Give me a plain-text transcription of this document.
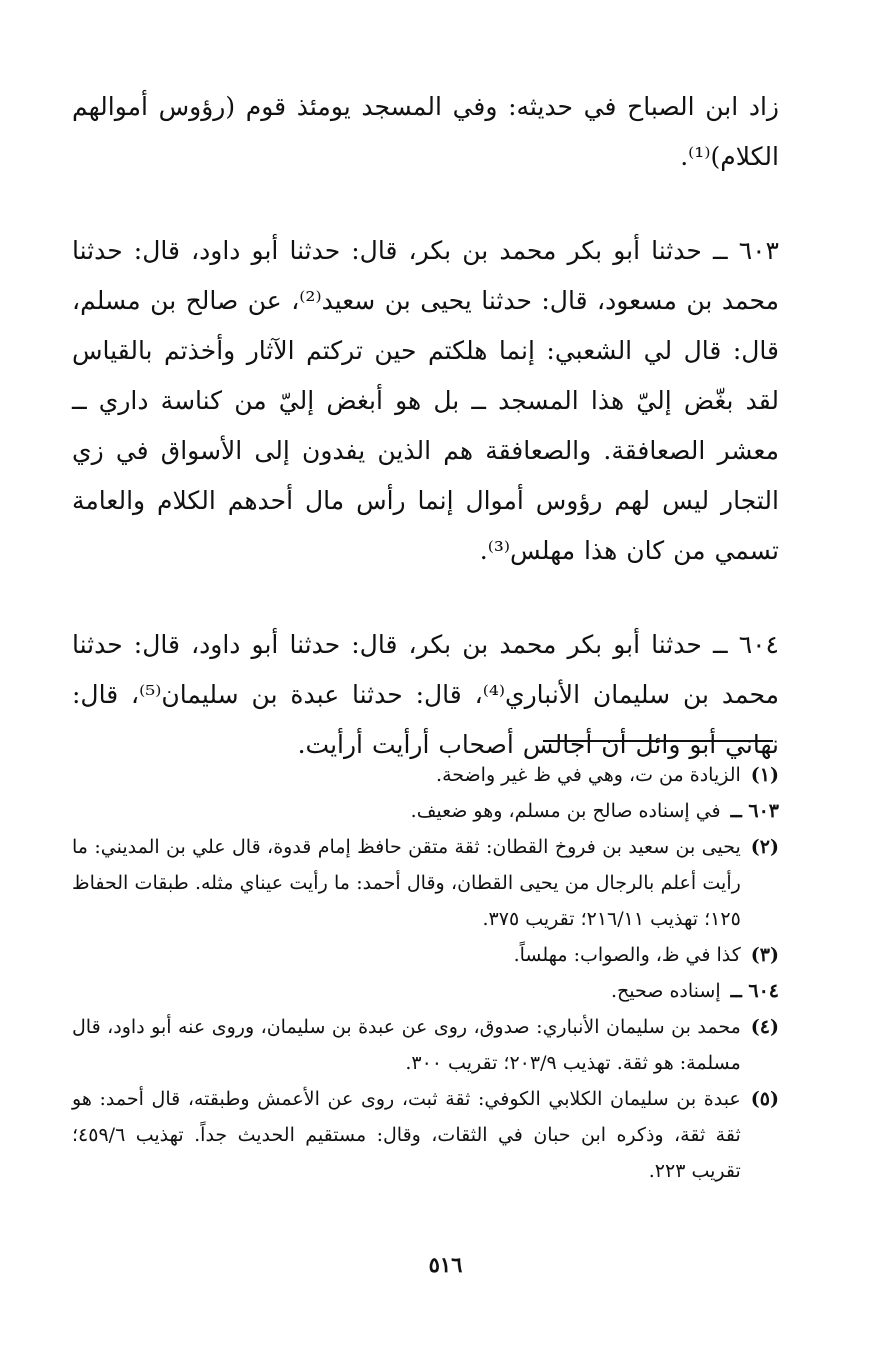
زاد ابن الصباح في حديثه: وفي المسجد يومئذ قوم (رؤوس أموالهم الكلام)⁽¹⁾.

٦٠٣ ــ حدثنا أبو بكر محمد بن بكر، قال: حدثنا أبو داود، قال: حدثنا محمد بن مسعود، قال: حدثنا يحيى بن سعيد⁽²⁾، عن صالح بن مسلم، قال: قال لي الشعبي: إنما هلكتم حين تركتم الآثار وأخذتم بالقياس لقد بغّض إليّ هذا المسجد ــ بل هو أبغض إليّ من كناسة داري ــ معشر الصعافقة. والصعافقة هم الذين يفدون إلى الأسواق في زي التجار ليس لهم رؤوس أموال إنما رأس مال أحدهم الكلام والعامة تسمي من كان هذا مهلس⁽³⁾.

٦٠٤ ــ حدثنا أبو بكر محمد بن بكر، قال: حدثنا أبو داود، قال: حدثنا محمد بن سليمان الأنباري⁽⁴⁾، قال: حدثنا عبدة بن سليمان⁽⁵⁾، قال: نهاني أبو وائل أن أجالس أصحاب أرأيت أرأيت.

(١)
الزيادة من ت، وهي في ظ غير واضحة.
٦٠٣ ــ
في إسناده صالح بن مسلم، وهو ضعيف.
(٢)
يحيى بن سعيد بن فروخ القطان: ثقة متقن حافظ إمام قدوة، قال علي بن المديني: ما رأيت أعلم بالرجال من يحيى القطان، وقال أحمد: ما رأيت عيناي مثله. طبقات الحفاظ ١٢٥؛ تهذيب ٢١٦/١١؛ تقريب ٣٧٥.
(٣)
كذا في ظ، والصواب: مهلساً.
٦٠٤ ــ
إسناده صحيح.
(٤)
محمد بن سليمان الأنباري: صدوق، روى عن عبدة بن سليمان، وروى عنه أبو داود، قال مسلمة: هو ثقة. تهذيب ٢٠٣/٩؛ تقريب ٣٠٠.
(٥)
عبدة بن سليمان الكلابي الكوفي: ثقة ثبت، روى عن الأعمش وطبقته، قال أحمد: هو ثقة ثقة، وذكره ابن حبان في الثقات، وقال: مستقيم الحديث جداً. تهذيب ٤٥٩/٦؛ تقريب ٢٢٣.
٥١٦
